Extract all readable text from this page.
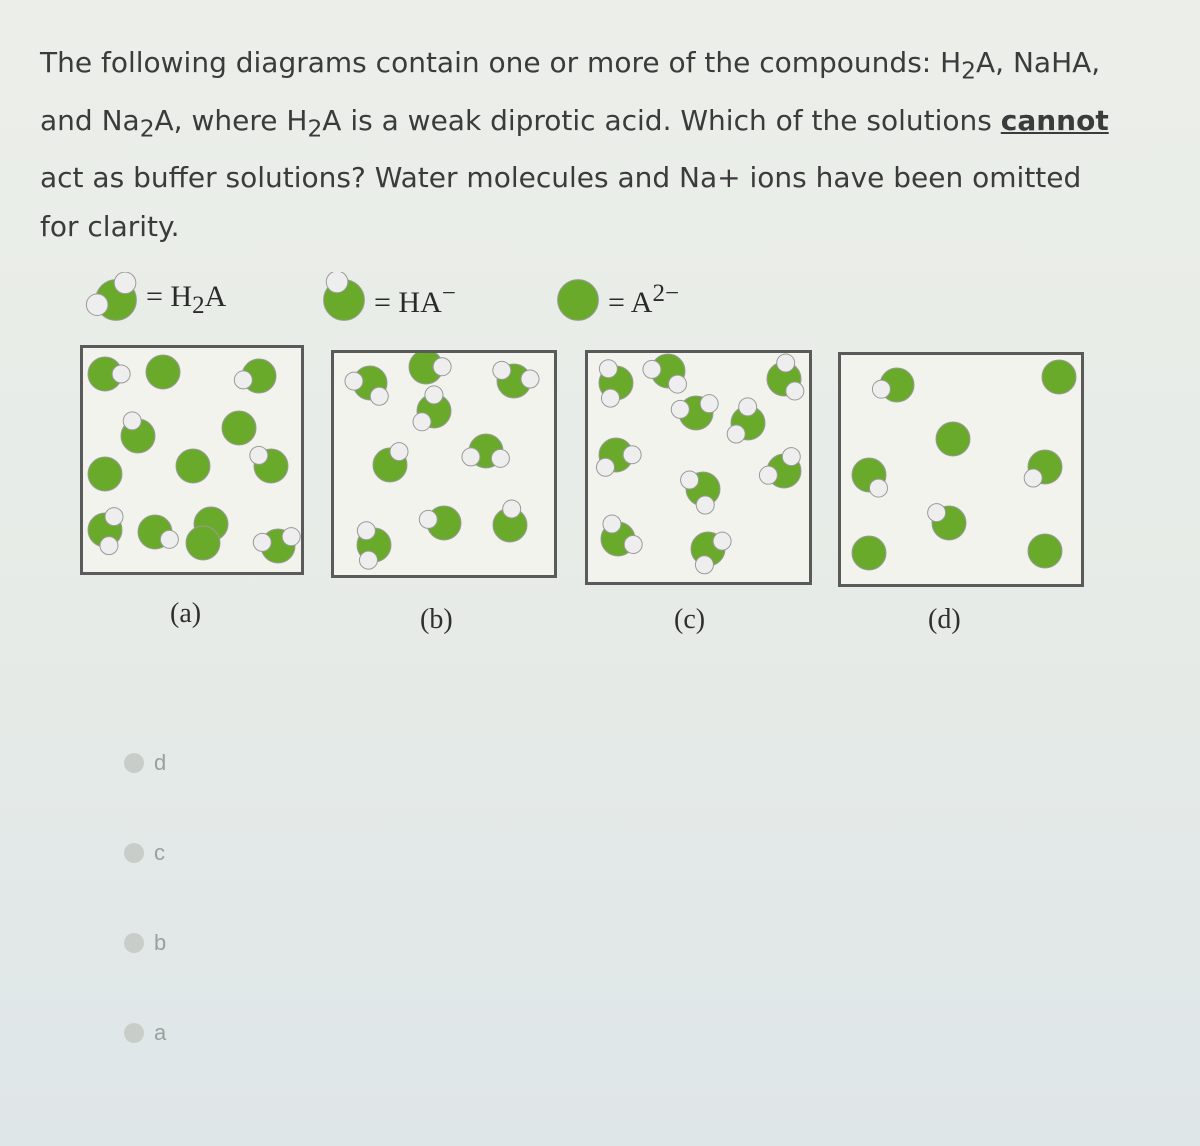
The following diagrams contain one or more of the compounds: $H_2A$, NaHA,
and $Na_2A$, where $H_2A$ is a weak diprotic acid. Which of the solutions cannot
act as buffer solutions? Water molecules and Na+ ions have been omitted
for clarity.
= $H_2A$	= HA−	= $A^{2-}$
(a)	(b)	(c)	(d)
d
c
b
a
